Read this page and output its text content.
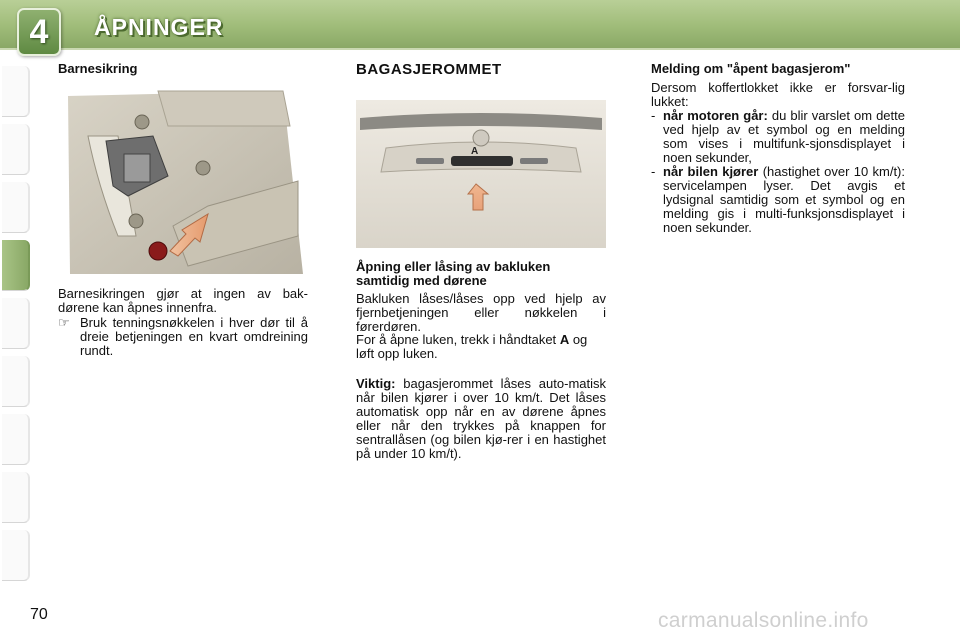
4	ÅPNINGER
Barnesikring
Barnesikringen gjør at ingen av bak-dørene kan åpnes innenfra.
☞ Bruk tenningsnøkkelen i hver dør til å dreie betjeningen en kvart omdreining rundt.
BAGASJEROMMET
A
Åpning eller låsing av bakluken samtidig med dørene
Bakluken låses/låses opp ved hjelp av fjernbetjeningen eller nøkkelen i førerdøren.
For å åpne luken, trekk i håndtaket A og løft opp luken.
Viktig: bagasjerommet låses auto-matisk når bilen kjører i over 10 km/t. Det låses automatisk opp når en av dørene åpnes eller når den trykkes på knappen for sentrallåsen (og bilen kjø-rer i en hastighet på under 10 km/t).
Melding om "åpent bagasjerom"
Dersom koffertlokket ikke er forsvar-lig lukket:
- når motoren går: du blir varslet om dette ved hjelp av et symbol og en melding som vises i multifunk-sjonsdisplayet i noen sekunder,
- når bilen kjører (hastighet over 10 km/t): servicelampen lyser. Det avgis et lydsignal samtidig som et symbol og en melding gis i multi-funksjonsdisplayet i noen sekunder.
70	carmanualsonline.info
